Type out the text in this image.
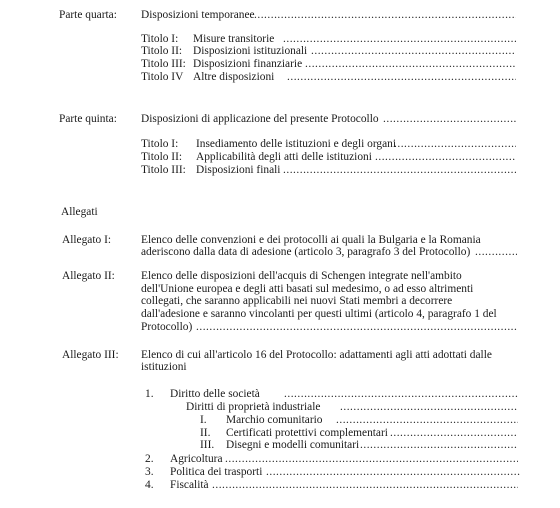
Parte quarta: Disposizioni temporanee
.....
Titolo I: Misure transitorie
.....
Titolo II: Disposizioni istituzionali
.....
Titolo III: Disposizioni finanziarie
.....
Titolo IV Altre disposizioni
.....
Parte quinta: Disposizioni di applicazione del presente Protocollo
.....
Titolo I: Insediamento delle istituzioni e degli organi
.....
Titolo II: Applicabilità degli atti delle istituzioni
.....
Titolo III: Disposizioni finali
.....
Allegati
Allegato I:	Elenco delle convenzioni e dei protocolli ai quali la Bulgaria e la Romania
aderiscono dalla data di adesione (articolo 3, paragrafo 3 del Protocollo)
.....
Allegato II: Elenco delle disposizioni dell'acquis di Schengen integrate nell'ambito
dell'Unione europea e degli atti basati sul medesimo, o ad esso altrimenti
collegati, che saranno applicabili nei nuovi Stati membri a decorrere
dall'adesione e saranno vincolanti per questi ultimi (articolo 4, paragrafo 1 del
Protocollo)
.....
Allegato III: Elenco di cui all'articolo 16 del Protocollo: adattamenti agli atti adottati dalle
istituzioni
1. Diritto delle società
.....
Diritti di proprietà industriale
.....
I. Marchio comunitario
.....
II. Certificati protettivi complementari
.....
III. Disegni e modelli comunitari
.....
2. Agricoltura
.....
3. Politica dei trasporti
.....
4. Fiscalità
.....
